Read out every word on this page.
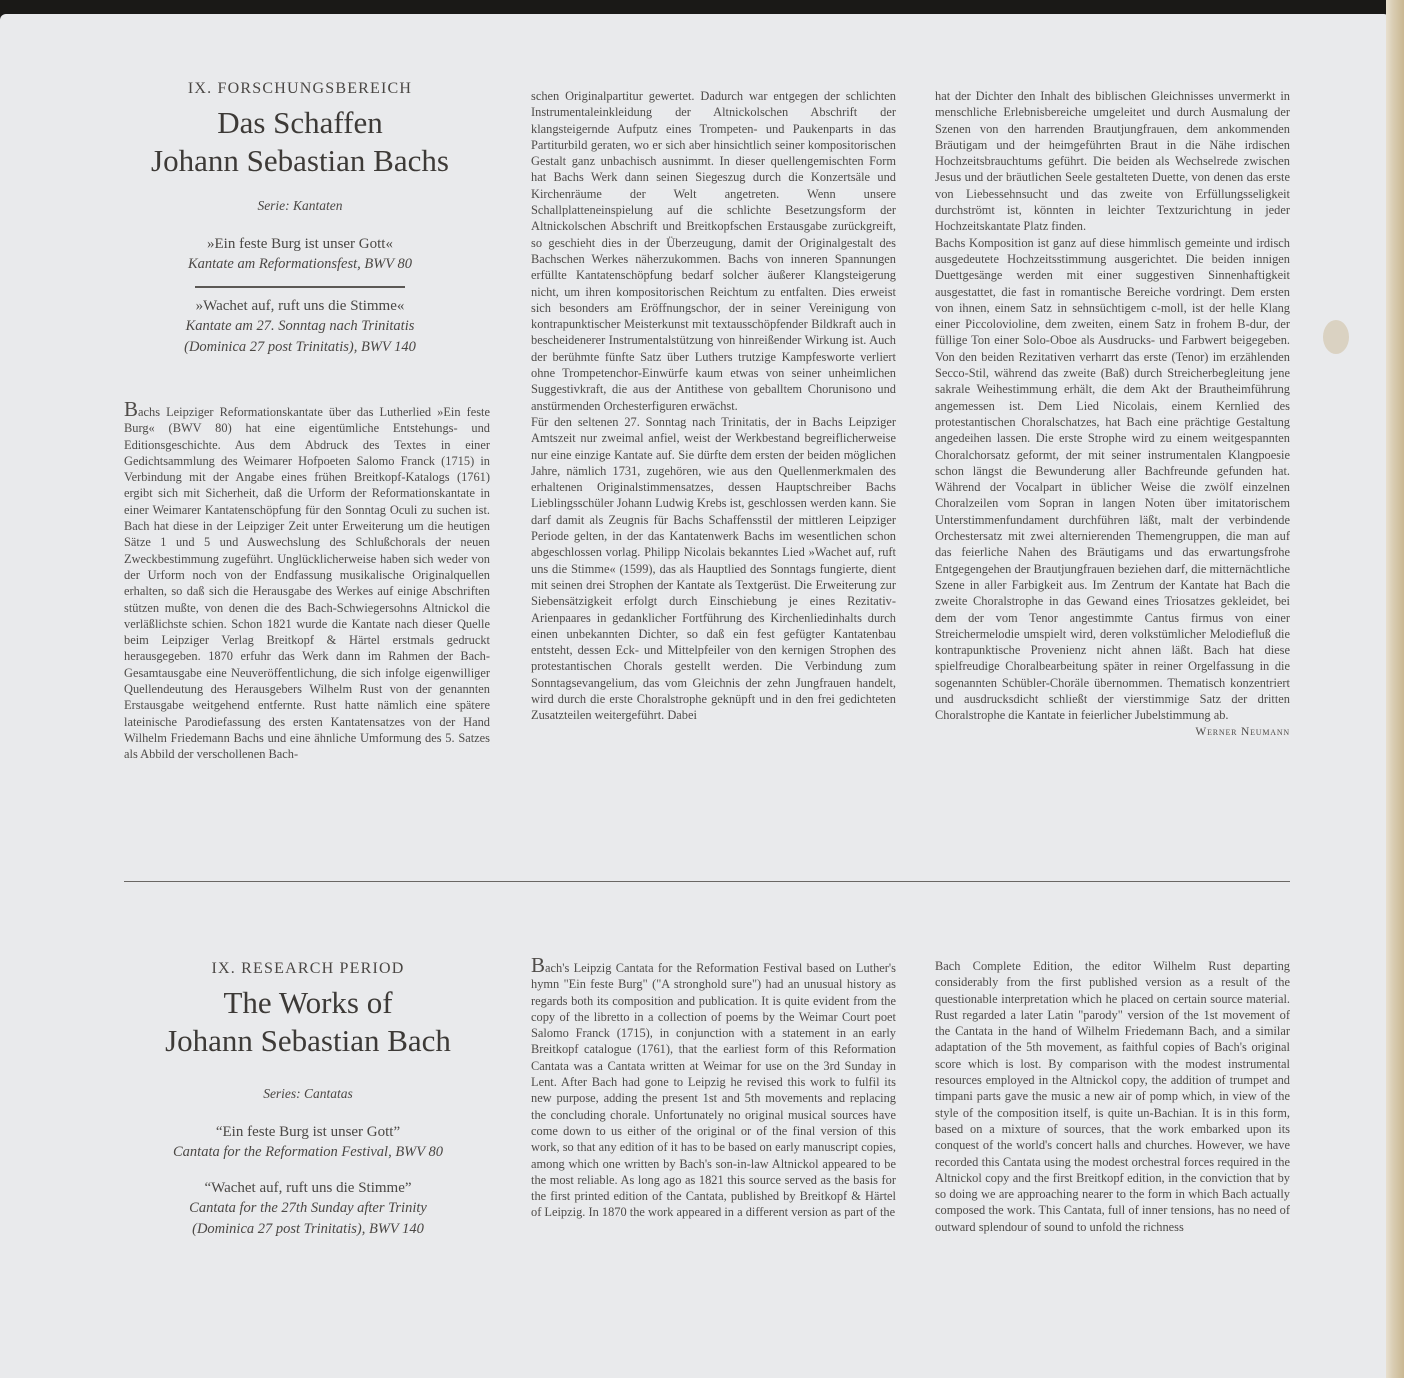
IX. FORSCHUNGSBEREICH
Das Schaffen
Johann Sebastian Bachs
Serie: Kantaten
»Ein feste Burg ist unser Gott«
Kantate am Reformationsfest, BWV 80
»Wachet auf, ruft uns die Stimme«
Kantate am 27. Sonntag nach Trinitatis
(Dominica 27 post Trinitatis), BWV 140

Bachs Leipziger Reformationskantate über das Lutherlied »Ein feste Burg« (BWV 80) hat eine eigentümliche Entstehungs- und Editionsgeschichte. Aus dem Abdruck des Textes in einer Gedichtsammlung des Weimarer Hofpoeten Salomo Franck (1715) in Verbindung mit der Angabe eines frühen Breitkopf-Katalogs (1761) ergibt sich mit Sicherheit, daß die Urform der Reformationskantate in einer Weimarer Kantatenschöpfung für den Sonntag Oculi zu suchen ist. Bach hat diese in der Leipziger Zeit unter Erweiterung um die heutigen Sätze 1 und 5 und Auswechslung des Schlußchorals der neuen Zweckbestimmung zugeführt. Unglücklicherweise haben sich weder von der Urform noch von der Endfassung musikalische Originalquellen erhalten, so daß sich die Herausgabe des Werkes auf einige Abschriften stützen mußte, von denen die des Bach-Schwiegersohns Altnickol die verläßlichste schien. Schon 1821 wurde die Kantate nach dieser Quelle beim Leipziger Verlag Breitkopf & Härtel erstmals gedruckt herausgegeben. 1870 erfuhr das Werk dann im Rahmen der Bach-Gesamtausgabe eine Neuveröffentlichung, die sich infolge eigenwilliger Quellendeutung des Herausgebers Wilhelm Rust von der genannten Erstausgabe weitgehend entfernte. Rust hatte nämlich eine spätere lateinische Parodiefassung des ersten Kantatensatzes von der Hand Wilhelm Friedemann Bachs und eine ähnliche Umformung des 5. Satzes als Abbild der verschollenen Bach-

schen Originalpartitur gewertet. Dadurch war entgegen der schlichten Instrumentaleinkleidung der Altnickolschen Abschrift der klangsteigernde Aufputz eines Trompeten- und Paukenparts in das Partiturbild geraten, wo er sich aber hinsichtlich seiner kompositorischen Gestalt ganz unbachisch ausnimmt. In dieser quellengemischten Form hat Bachs Werk dann seinen Siegeszug durch die Konzertsäle und Kirchenräume der Welt angetreten. Wenn unsere Schallplatteneinspielung auf die schlichte Besetzungsform der Altnickolschen Abschrift und Breitkopfschen Erstausgabe zurückgreift, so geschieht dies in der Überzeugung, damit der Originalgestalt des Bachschen Werkes näherzukommen. Bachs von inneren Spannungen erfüllte Kantatenschöpfung bedarf solcher äußerer Klangsteigerung nicht, um ihren kompositorischen Reichtum zu entfalten. Dies erweist sich besonders am Eröffnungschor, der in seiner Vereinigung von kontrapunktischer Meisterkunst mit textausschöpfender Bildkraft auch in bescheidenerer Instrumentalstützung von hinreißender Wirkung ist. Auch der berühmte fünfte Satz über Luthers trutzige Kampfesworte verliert ohne Trompetenchor-Einwürfe kaum etwas von seiner unheimlichen Suggestivkraft, die aus der Antithese von geballtem Chorunisono und anstürmenden Orchesterfiguren erwächst.

Für den seltenen 27. Sonntag nach Trinitatis, der in Bachs Leipziger Amtszeit nur zweimal anfiel, weist der Werkbestand begreiflicherweise nur eine einzige Kantate auf. Sie dürfte dem ersten der beiden möglichen Jahre, nämlich 1731, zugehören, wie aus den Quellenmerkmalen des erhaltenen Originalstimmensatzes, dessen Hauptschreiber Bachs Lieblingsschüler Johann Ludwig Krebs ist, geschlossen werden kann. Sie darf damit als Zeugnis für Bachs Schaffensstil der mittleren Leipziger Periode gelten, in der das Kantatenwerk Bachs im wesentlichen schon abgeschlossen vorlag. Philipp Nicolais bekanntes Lied »Wachet auf, ruft uns die Stimme« (1599), das als Hauptlied des Sonntags fungierte, dient mit seinen drei Strophen der Kantate als Textgerüst. Die Erweiterung zur Siebensätzigkeit erfolgt durch Einschiebung je eines Rezitativ-Arienpaares in gedanklicher Fortführung des Kirchenliedinhalts durch einen unbekannten Dichter, so daß ein fest gefügter Kantatenbau entsteht, dessen Eck- und Mittelpfeiler von den kernigen Strophen des protestantischen Chorals gestellt werden. Die Verbindung zum Sonntagsevangelium, das vom Gleichnis der zehn Jungfrauen handelt, wird durch die erste Choralstrophe geknüpft und in den frei gedichteten Zusatzteilen weitergeführt. Dabei

hat der Dichter den Inhalt des biblischen Gleichnisses unvermerkt in menschliche Erlebnisbereiche umgeleitet und durch Ausmalung der Szenen von den harrenden Brautjungfrauen, dem ankommenden Bräutigam und der heimgeführten Braut in die Nähe irdischen Hochzeitsbrauchtums geführt. Die beiden als Wechselrede zwischen Jesus und der bräutlichen Seele gestalteten Duette, von denen das erste von Liebessehnsucht und das zweite von Erfüllungsseligkeit durchströmt ist, könnten in leichter Textzurichtung in jeder Hochzeitskantate Platz finden.

Bachs Komposition ist ganz auf diese himmlisch gemeinte und irdisch ausgedeutete Hochzeitsstimmung ausgerichtet. Die beiden innigen Duettgesänge werden mit einer suggestiven Sinnenhaftigkeit ausgestattet, die fast in romantische Bereiche vordringt. Dem ersten von ihnen, einem Satz in sehnsüchtigem c-moll, ist der helle Klang einer Piccolovioline, dem zweiten, einem Satz in frohem B-dur, der füllige Ton einer Solo-Oboe als Ausdrucks- und Farbwert beigegeben. Von den beiden Rezitativen verharrt das erste (Tenor) im erzählenden Secco-Stil, während das zweite (Baß) durch Streicherbegleitung jene sakrale Weihestimmung erhält, die dem Akt der Brautheimführung angemessen ist. Dem Lied Nicolais, einem Kernlied des protestantischen Choralschatzes, hat Bach eine prächtige Gestaltung angedeihen lassen. Die erste Strophe wird zu einem weitgespannten Choralchorsatz geformt, der mit seiner instrumentalen Klangpoesie schon längst die Bewunderung aller Bachfreunde gefunden hat. Während der Vocalpart in üblicher Weise die zwölf einzelnen Choralzeilen vom Sopran in langen Noten über imitatorischem Unterstimmenfundament durchführen läßt, malt der verbindende Orchestersatz mit zwei alternierenden Themengruppen, die man auf das feierliche Nahen des Bräutigams und das erwartungsfrohe Entgegengehen der Brautjungfrauen beziehen darf, die mitternächtliche Szene in aller Farbigkeit aus. Im Zentrum der Kantate hat Bach die zweite Choralstrophe in das Gewand eines Triosatzes gekleidet, bei dem der vom Tenor angestimmte Cantus firmus von einer Streichermelodie umspielt wird, deren volkstümlicher Melodiefluß die kontrapunktische Provenienz nicht ahnen läßt. Bach hat diese spielfreudige Choralbearbeitung später in reiner Orgelfassung in die sogenannten Schübler-Choräle übernommen. Thematisch konzentriert und ausdrucksdicht schließt der vierstimmige Satz der dritten Choralstrophe die Kantate in feierlicher Jubelstimmung ab.
Werner Neumann

IX. RESEARCH PERIOD
The Works of
Johann Sebastian Bach
Series: Cantatas
“Ein feste Burg ist unser Gott”
Cantata for the Reformation Festival, BWV 80
“Wachet auf, ruft uns die Stimme”
Cantata for the 27th Sunday after Trinity
(Dominica 27 post Trinitatis), BWV 140

Bach's Leipzig Cantata for the Reformation Festival based on Luther's hymn "Ein feste Burg" ("A stronghold sure") had an unusual history as regards both its composition and publication. It is quite evident from the copy of the libretto in a collection of poems by the Weimar Court poet Salomo Franck (1715), in conjunction with a statement in an early Breitkopf catalogue (1761), that the earliest form of this Reformation Cantata was a Cantata written at Weimar for use on the 3rd Sunday in Lent. After Bach had gone to Leipzig he revised this work to fulfil its new purpose, adding the present 1st and 5th movements and replacing the concluding chorale. Unfortunately no original musical sources have come down to us either of the original or of the final version of this work, so that any edition of it has to be based on early manuscript copies, among which one written by Bach's son-in-law Altnickol appeared to be the most reliable. As long ago as 1821 this source served as the basis for the first printed edition of the Cantata, published by Breitkopf & Härtel of Leipzig. In 1870 the work appeared in a different version as part of the

Bach Complete Edition, the editor Wilhelm Rust departing considerably from the first published version as a result of the questionable interpretation which he placed on certain source material. Rust regarded a later Latin "parody" version of the 1st movement of the Cantata in the hand of Wilhelm Friedemann Bach, and a similar adaptation of the 5th movement, as faithful copies of Bach's original score which is lost. By comparison with the modest instrumental resources employed in the Altnickol copy, the addition of trumpet and timpani parts gave the music a new air of pomp which, in view of the style of the composition itself, is quite un-Bachian. It is in this form, based on a mixture of sources, that the work embarked upon its conquest of the world's concert halls and churches. However, we have recorded this Cantata using the modest orchestral forces required in the Altnickol copy and the first Breitkopf edition, in the conviction that by so doing we are approaching nearer to the form in which Bach actually composed the work. This Cantata, full of inner tensions, has no need of outward splendour of sound to unfold the richness
